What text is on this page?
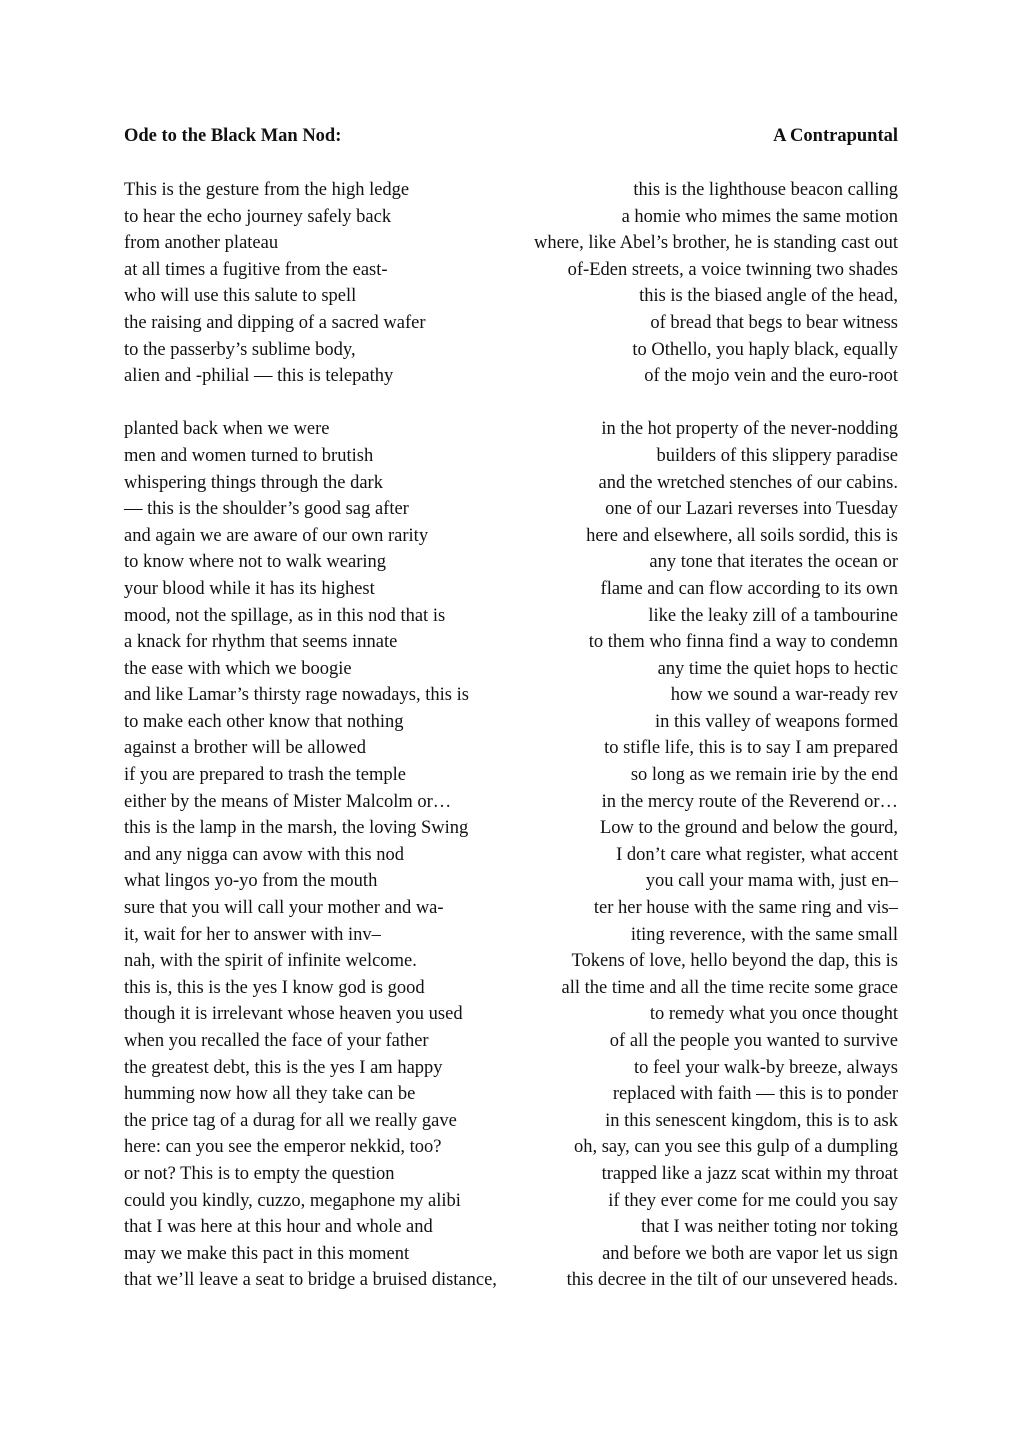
Ode to the Black Man Nod:	A Contrapuntal
This is the gesture from the high ledge
to hear the echo journey safely back
from another plateau
at all times a fugitive from the east-
who will use this salute to spell
the raising and dipping of a sacred wafer
to the passerby’s sublime body,
alien and -philial — this is telepathy
planted back when we were
men and women turned to brutish
whispering things through the dark
— this is the shoulder’s good sag after
and again we are aware of our own rarity
to know where not to walk wearing
your blood while it has its highest
mood, not the spillage, as in this nod that is
a knack for rhythm that seems innate
the ease with which we boogie
and like Lamar’s thirsty rage nowadays, this is
to make each other know that nothing
against a brother will be allowed
if you are prepared to trash the temple
either by the means of Mister Malcolm or…
this is the lamp in the marsh, the loving Swing
and any nigga can avow with this nod
what lingos yo-yo from the mouth
sure that you will call your mother and wa-
it, wait for her to answer with inv–
nah, with the spirit of infinite welcome.
this is, this is the yes I know god is good
though it is irrelevant whose heaven you used
when you recalled the face of your father
the greatest debt, this is the yes I am happy
humming now how all they take can be
the price tag of a durag for all we really gave
here: can you see the emperor nekkid, too?
or not? This is to empty the question
could you kindly, cuzzo, megaphone my alibi
that I was here at this hour and whole and
may we make this pact in this moment
that we’ll leave a seat to bridge a bruised distance,
this is the lighthouse beacon calling
a homie who mimes the same motion
where, like Abel’s brother, he is standing cast out
of-Eden streets, a voice twinning two shades
this is the biased angle of the head,
of bread that begs to bear witness
to Othello, you haply black, equally
of the mojo vein and the euro-root
in the hot property of the never-nodding
builders of this slippery paradise
and the wretched stenches of our cabins.
one of our Lazari reverses into Tuesday
here and elsewhere, all soils sordid, this is
any tone that iterates the ocean or
flame and can flow according to its own
like the leaky zill of a tambourine
to them who finna find a way to condemn
any time the quiet hops to hectic
how we sound a war-ready rev
in this valley of weapons formed
to stifle life, this is to say I am prepared
so long as we remain irie by the end
in the mercy route of the Reverend or…
Low to the ground and below the gourd,
I don’t care what register, what accent
you call your mama with, just en–
ter her house with the same ring and vis–
iting reverence, with the same small
Tokens of love, hello beyond the dap, this is
all the time and all the time recite some grace
to remedy what you once thought
of all the people you wanted to survive
to feel your walk-by breeze, always
replaced with faith — this is to ponder
in this senescent kingdom, this is to ask
oh, say, can you see this gulp of a dumpling
trapped like a jazz scat within my throat
if they ever come for me could you say
that I was neither toting nor toking
and before we both are vapor let us sign
this decree in the tilt of our unsevered heads.
